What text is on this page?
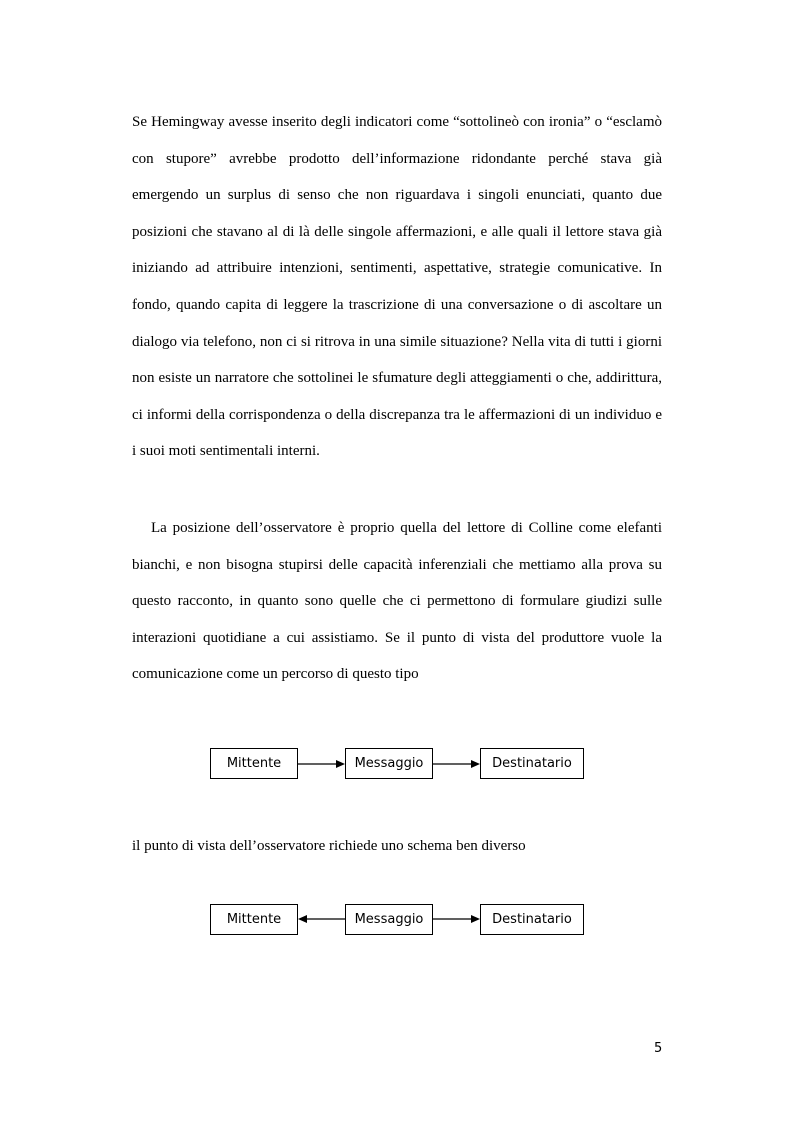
Se Hemingway avesse inserito degli indicatori come “sottolineò con ironia” o “esclamò con stupore” avrebbe prodotto dell’informazione ridondante perché stava già emergendo un surplus di senso che non riguardava i singoli enunciati, quanto due posizioni che stavano al di là delle singole affermazioni, e alle quali il lettore stava già iniziando ad attribuire intenzioni, sentimenti, aspettative, strategie comunicative. In fondo, quando capita di leggere la trascrizione di una conversazione o di ascoltare un dialogo via telefono, non ci si ritrova in una simile situazione? Nella vita di tutti i giorni non esiste un narratore che sottolinei le sfumature degli atteggiamenti o che, addirittura, ci informi della corrispondenza o della discrepanza tra le affermazioni di un individuo e i suoi moti sentimentali interni.

La posizione dell’osservatore è proprio quella del lettore di Colline come elefanti bianchi, e non bisogna stupirsi delle capacità inferenziali che mettiamo alla prova su questo racconto, in quanto sono quelle che ci permettono di formulare giudizi sulle interazioni quotidiane a cui assistiamo. Se il punto di vista del produttore vuole la comunicazione come un percorso di questo tipo

Mittente	Messaggio	Destinatario
il punto di vista dell’osservatore richiede uno schema ben diverso
Mittente	Messaggio	Destinatario
5
